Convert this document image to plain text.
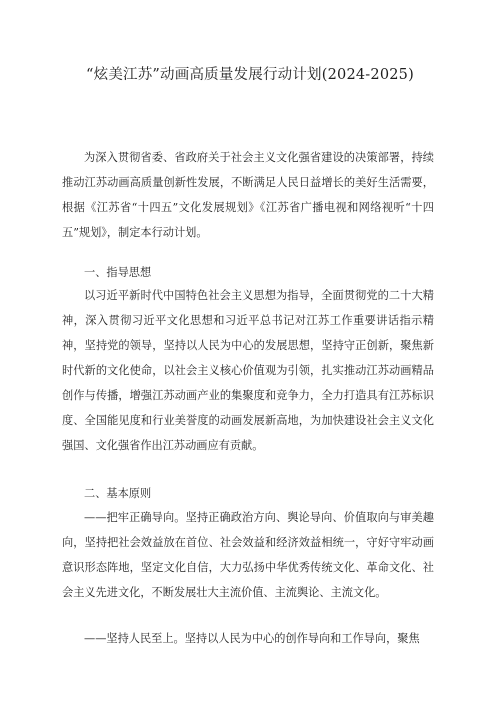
“炫美江苏”动画高质量发展行动计划(2024-2025)
为深入贯彻省委、省政府关于社会主义文化强省建设的决策部署，持续推动江苏动画高质量创新性发展，不断满足人民日益增长的美好生活需要，根据《江苏省“十四五”文化发展规划》《江苏省广播电视和网络视听“十四五”规划》，制定本行动计划。
一、指导思想
以习近平新时代中国特色社会主义思想为指导，全面贯彻党的二十大精神，深入贯彻习近平文化思想和习近平总书记对江苏工作重要讲话指示精神，坚持党的领导，坚持以人民为中心的发展思想，坚持守正创新，聚焦新时代新的文化使命，以社会主义核心价值观为引领，扎实推动江苏动画精品创作与传播，增强江苏动画产业的集聚度和竞争力，全力打造具有江苏标识度、全国能见度和行业美誉度的动画发展新高地，为加快建设社会主义文化强国、文化强省作出江苏动画应有贡献。
二、基本原则
——把牢正确导向。坚持正确政治方向、舆论导向、价值取向与审美趣向，坚持把社会效益放在首位、社会效益和经济效益相统一，守好守牢动画意识形态阵地，坚定文化自信，大力弘扬中华优秀传统文化、革命文化、社会主义先进文化，不断发展壮大主流价值、主流舆论、主流文化。
——坚持人民至上。坚持以人民为中心的创作导向和工作导向，聚焦
